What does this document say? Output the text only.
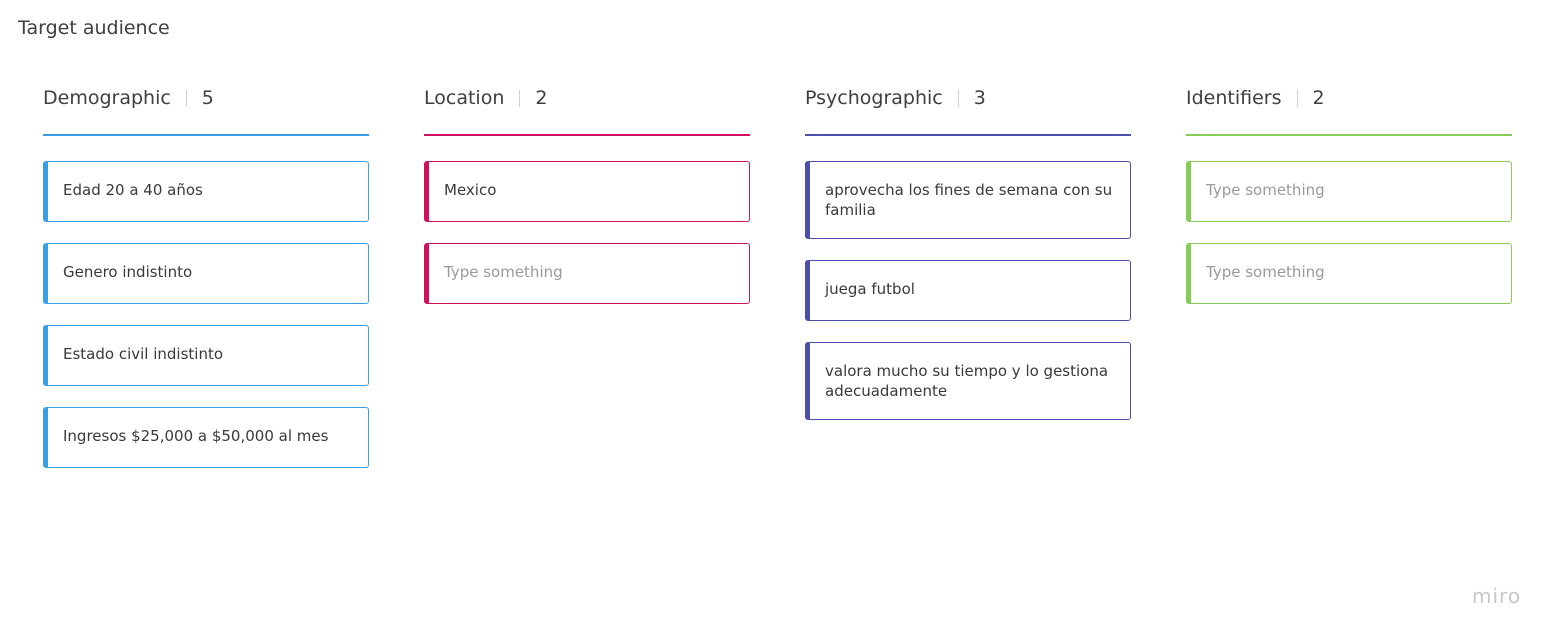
Target audience
Demographic 5
Edad 20 a 40 años
Genero indistinto
Estado civil indistinto
Ingresos $25,000 a $50,000 al mes
Location 2
Mexico
Type something
Psychographic 3
aprovecha los fines de semana con su familia
juega futbol
valora mucho su tiempo y lo gestiona adecuadamente
Identifiers 2
Type something
Type something
miro
